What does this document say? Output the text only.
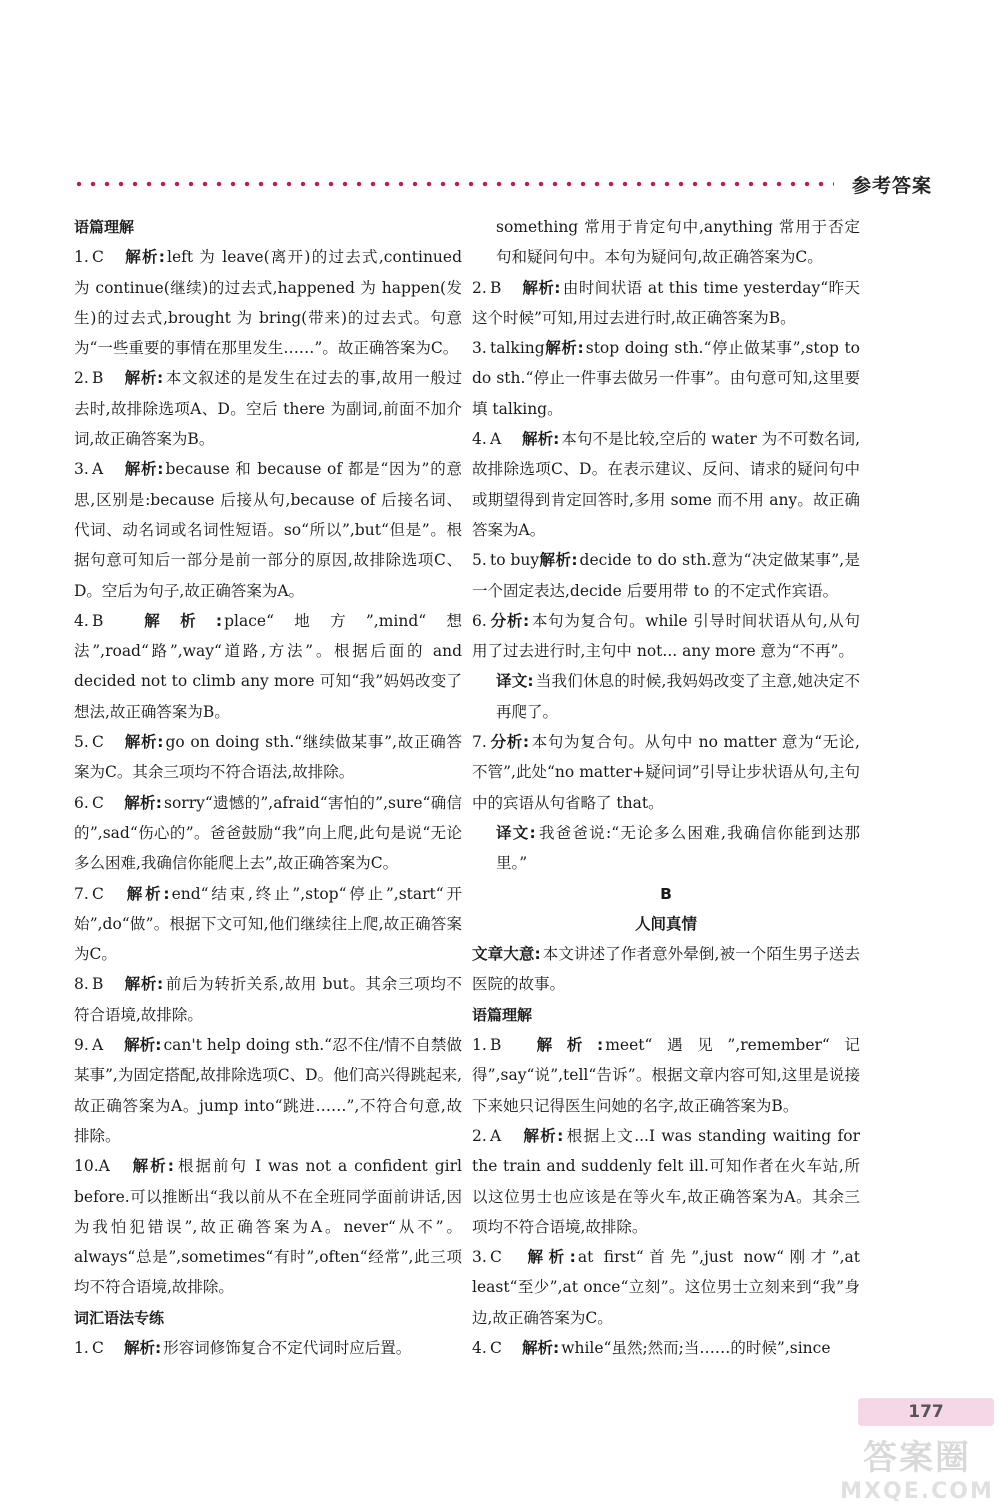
参考答案
语篇理解
1. C 解析: left 为 leave(离开)的过去式,continued 为 continue(继续)的过去式,happened 为 happen(发生)的过去式,brought 为 bring(带来)的过去式。句意为“一些重要的事情在那里发生……”。故正确答案为C。
2. B 解析: 本文叙述的是发生在过去的事,故用一般过去时,故排除选项A、D。空后 there 为副词,前面不加介词,故正确答案为B。
3. A 解析: because 和 because of 都是“因为”的意思,区别是:because 后接从句,because of 后接名词、代词、动名词或名词性短语。so“所以”,but“但是”。根据句意可知后一部分是前一部分的原因,故排除选项C、D。空后为句子,故正确答案为A。
4. B 解析: place“地方”,mind“想法”,road“路”,way“道路,方法”。根据后面的 and decided not to climb any more 可知“我”妈妈改变了想法,故正确答案为B。
5. C 解析: go on doing sth.“继续做某事”,故正确答案为C。其余三项均不符合语法,故排除。
6. C 解析: sorry“遗憾的”,afraid“害怕的”,sure“确信的”,sad“伤心的”。爸爸鼓励“我”向上爬,此句是说“无论多么困难,我确信你能爬上去”,故正确答案为C。
7. C 解析: end“结束,终止”,stop“停止”,start“开始”,do“做”。根据下文可知,他们继续往上爬,故正确答案为C。
8. B 解析: 前后为转折关系,故用 but。其余三项均不符合语境,故排除。
9. A 解析: can't help doing sth.“忍不住/情不自禁做某事”,为固定搭配,故排除选项C、D。他们高兴得跳起来,故正确答案为A。jump into“跳进……”,不符合句意,故排除。
10.A 解析: 根据前句 I was not a confident girl before.可以推断出“我以前从不在全班同学面前讲话,因为我怕犯错误”,故正确答案为A。never“从不”。always“总是”,sometimes“有时”,often“经常”,此三项均不符合语境,故排除。
词汇语法专练
1. C 解析: 形容词修饰复合不定代词时应后置。
something 常用于肯定句中,anything 常用于否定句和疑问句中。本句为疑问句,故正确答案为C。
2. B 解析: 由时间状语 at this time yesterday“昨天这个时候”可知,用过去进行时,故正确答案为B。
3. talking解析: stop doing sth.“停止做某事”,stop to do sth.“停止一件事去做另一件事”。由句意可知,这里要填 talking。
4. A 解析: 本句不是比较,空后的 water 为不可数名词,故排除选项C、D。在表示建议、反问、请求的疑问句中或期望得到肯定回答时,多用 some 而不用 any。故正确答案为A。
5. to buy解析: decide to do sth.意为“决定做某事”,是一个固定表达,decide 后要用带 to 的不定式作宾语。
6. 分析: 本句为复合句。while 引导时间状语从句,从句用了过去进行时,主句中 not... any more 意为“不再”。
译文: 当我们休息的时候,我妈妈改变了主意,她决定不再爬了。
7. 分析: 本句为复合句。从句中 no matter 意为“无论,不管”,此处“no matter+疑问词”引导让步状语从句,主句中的宾语从句省略了 that。
译文: 我爸爸说:“无论多么困难,我确信你能到达那里。”
B
人间真情
文章大意: 本文讲述了作者意外晕倒,被一个陌生男子送去医院的故事。
语篇理解
1. B 解析: meet“遇见”,remember“记得”,say“说”,tell“告诉”。根据文章内容可知,这里是说接下来她只记得医生问她的名字,故正确答案为B。
2. A 解析: 根据上文...I was standing waiting for the train and suddenly felt ill.可知作者在火车站,所以这位男士也应该是在等火车,故正确答案为A。其余三项均不符合语境,故排除。
3. C 解析: at first“首先”,just now“刚才”,at least“至少”,at once“立刻”。这位男士立刻来到“我”身边,故正确答案为C。
4. C 解析: while“虽然;然而;当……的时候”,since
177
答案圈
MXQE.COM
